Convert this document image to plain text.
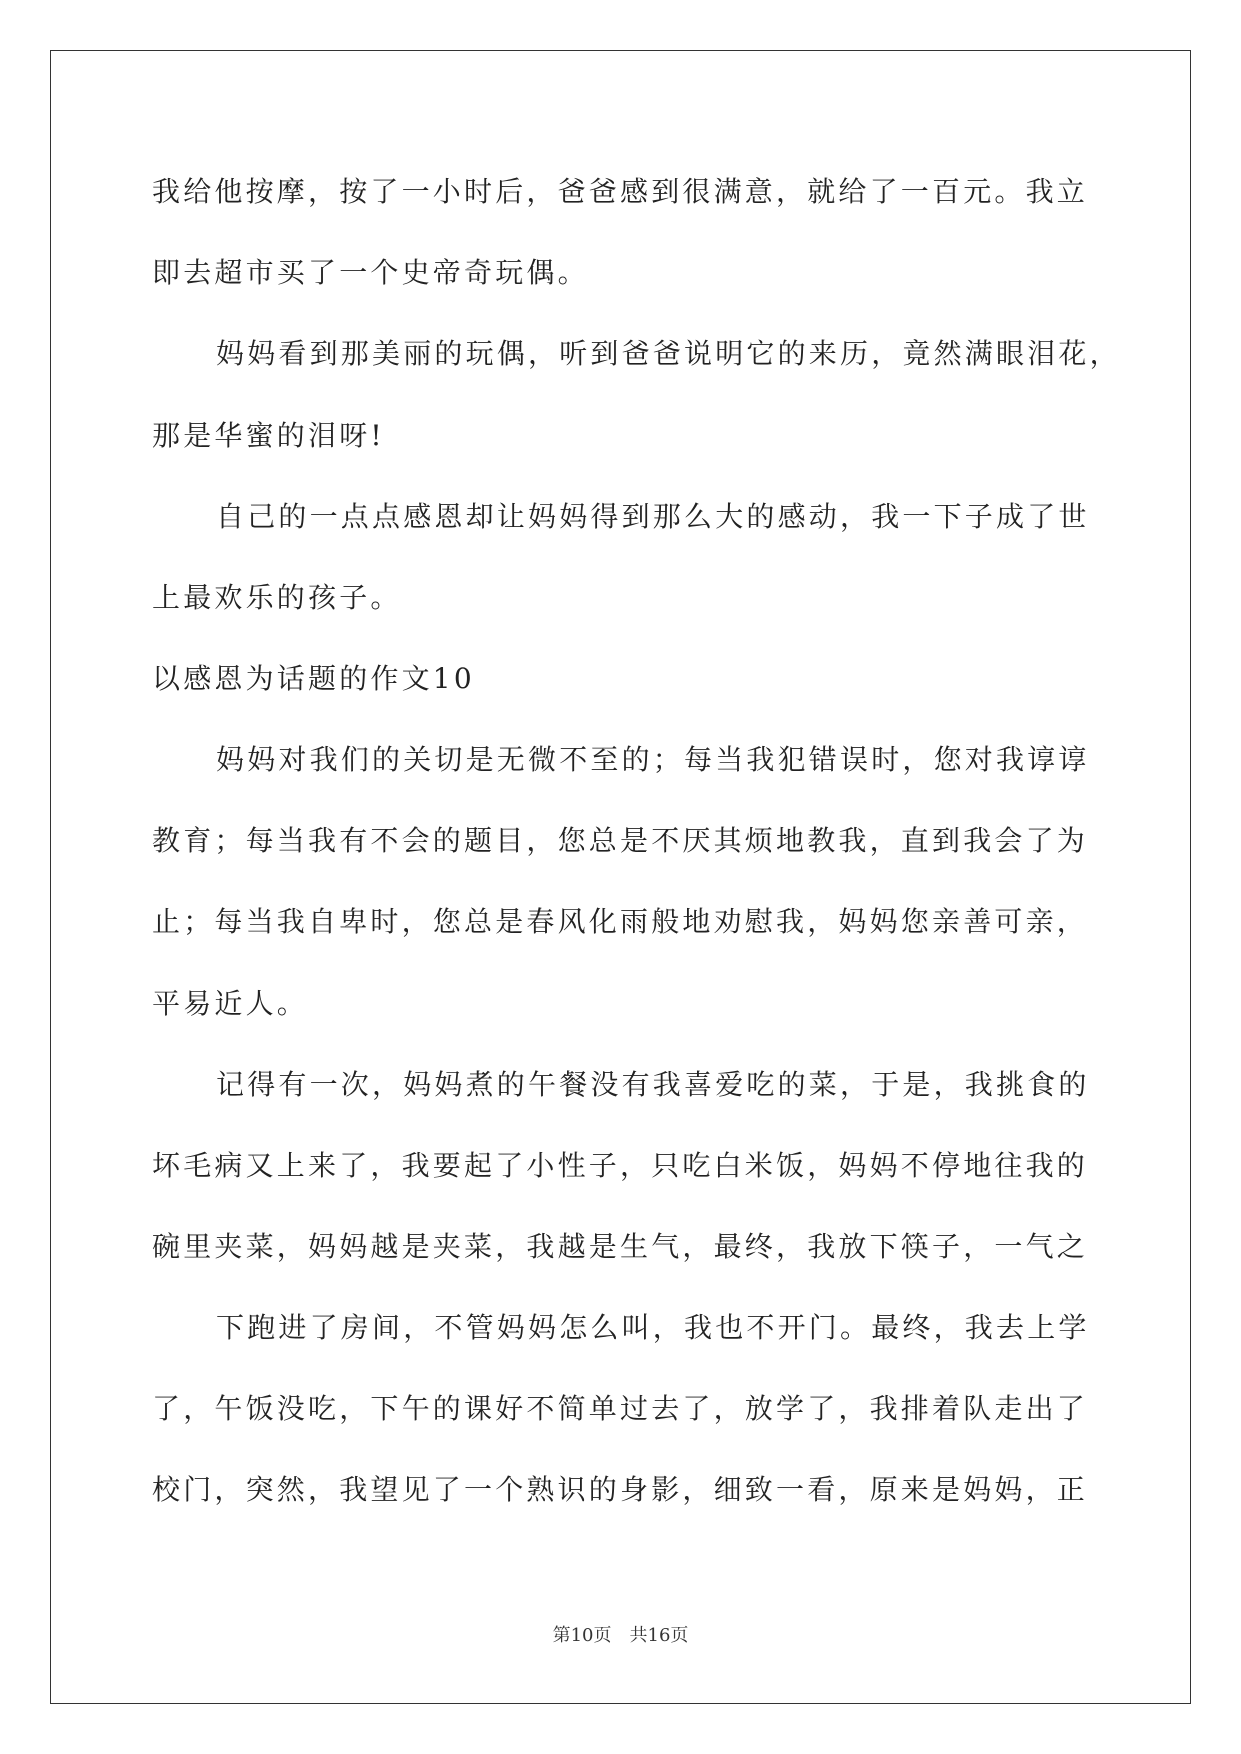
我给他按摩，按了一小时后，爸爸感到很满意，就给了一百元。我立
即去超市买了一个史帝奇玩偶。
妈妈看到那美丽的玩偶，听到爸爸说明它的来历，竟然满眼泪花，
那是华蜜的泪呀!
自己的一点点感恩却让妈妈得到那么大的感动，我一下子成了世
上最欢乐的孩子。
以感恩为话题的作文10
妈妈对我们的关切是无微不至的；每当我犯错误时，您对我谆谆
教育；每当我有不会的题目，您总是不厌其烦地教我，直到我会了为
止；每当我自卑时，您总是春风化雨般地劝慰我，妈妈您亲善可亲，
平易近人。
记得有一次，妈妈煮的午餐没有我喜爱吃的菜，于是，我挑食的
坏毛病又上来了，我要起了小性子，只吃白米饭，妈妈不停地往我的
碗里夹菜，妈妈越是夹菜，我越是生气，最终，我放下筷子，一气之
下跑进了房间，不管妈妈怎么叫，我也不开门。最终，我去上学
了，午饭没吃，下午的课好不简单过去了，放学了，我排着队走出了
校门，突然，我望见了一个熟识的身影，细致一看，原来是妈妈，正
第10页　共16页
